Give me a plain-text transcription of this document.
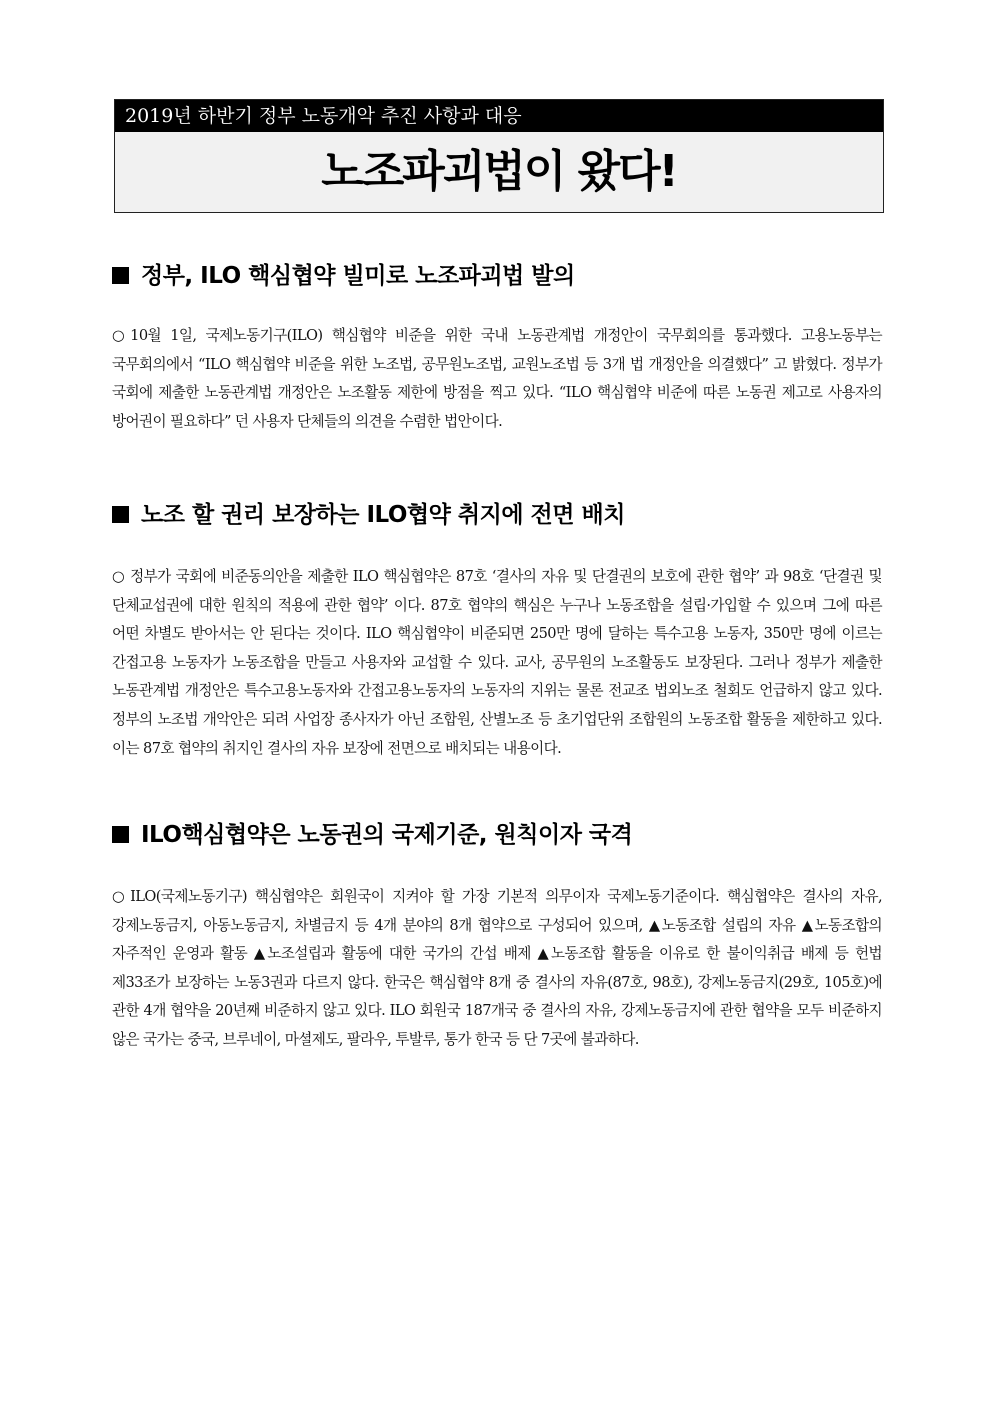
2019년 하반기 정부 노동개악 추진 사항과 대응
노조파괴법이 왔다!
정부, ILO 핵심협약 빌미로 노조파괴법 발의
○ 10월 1일, 국제노동기구(ILO) 핵심협약 비준을 위한 국내 노동관계법 개정안이 국무회의를 통과했다. 고용노동부는 국무회의에서 “ILO 핵심협약 비준을 위한 노조법, 공무원노조법, 교원노조법 등 3개 법 개정안을 의결했다” 고 밝혔다. 정부가 국회에 제출한 노동관계법 개정안은 노조활동 제한에 방점을 찍고 있다. “ILO 핵심협약 비준에 따른 노동권 제고로 사용자의 방어권이 필요하다” 던 사용자 단체들의 의견을 수렴한 법안이다.
노조 할 권리 보장하는 ILO협약 취지에 전면 배치
○ 정부가 국회에 비준동의안을 제출한 ILO 핵심협약은 87호 ‘결사의 자유 및 단결권의 보호에 관한 협약’ 과 98호 ‘단결권 및 단체교섭권에 대한 원칙의 적용에 관한 협약’ 이다. 87호 협약의 핵심은 누구나 노동조합을 설립·가입할 수 있으며 그에 따른 어떤 차별도 받아서는 안 된다는 것이다. ILO 핵심협약이 비준되면 250만 명에 달하는 특수고용 노동자, 350만 명에 이르는 간접고용 노동자가 노동조합을 만들고 사용자와 교섭할 수 있다. 교사, 공무원의 노조활동도 보장된다. 그러나 정부가 제출한 노동관계법 개정안은 특수고용노동자와 간접고용노동자의 노동자의 지위는 물론 전교조 법외노조 철회도 언급하지 않고 있다. 정부의 노조법 개악안은 되려 사업장 종사자가 아닌 조합원, 산별노조 등 초기업단위 조합원의 노동조합 활동을 제한하고 있다. 이는 87호 협약의 취지인 결사의 자유 보장에 전면으로 배치되는 내용이다.
ILO핵심협약은 노동권의 국제기준, 원칙이자 국격
○ ILO(국제노동기구) 핵심협약은 회원국이 지켜야 할 가장 기본적 의무이자 국제노동기준이다. 핵심협약은 결사의 자유, 강제노동금지, 아동노동금지, 차별금지 등 4개 분야의 8개 협약으로 구성되어 있으며, ▲노동조합 설립의 자유 ▲노동조합의 자주적인 운영과 활동 ▲노조설립과 활동에 대한 국가의 간섭 배제 ▲노동조합 활동을 이유로 한 불이익취급 배제 등 헌법 제33조가 보장하는 노동3권과 다르지 않다. 한국은 핵심협약 8개 중 결사의 자유(87호, 98호), 강제노동금지(29호, 105호)에 관한 4개 협약을 20년째 비준하지 않고 있다. ILO 회원국 187개국 중 결사의 자유, 강제노동금지에 관한 협약을 모두 비준하지 않은 국가는 중국, 브루네이, 마셜제도, 팔라우, 투발루, 통가 한국 등 단 7곳에 불과하다.
